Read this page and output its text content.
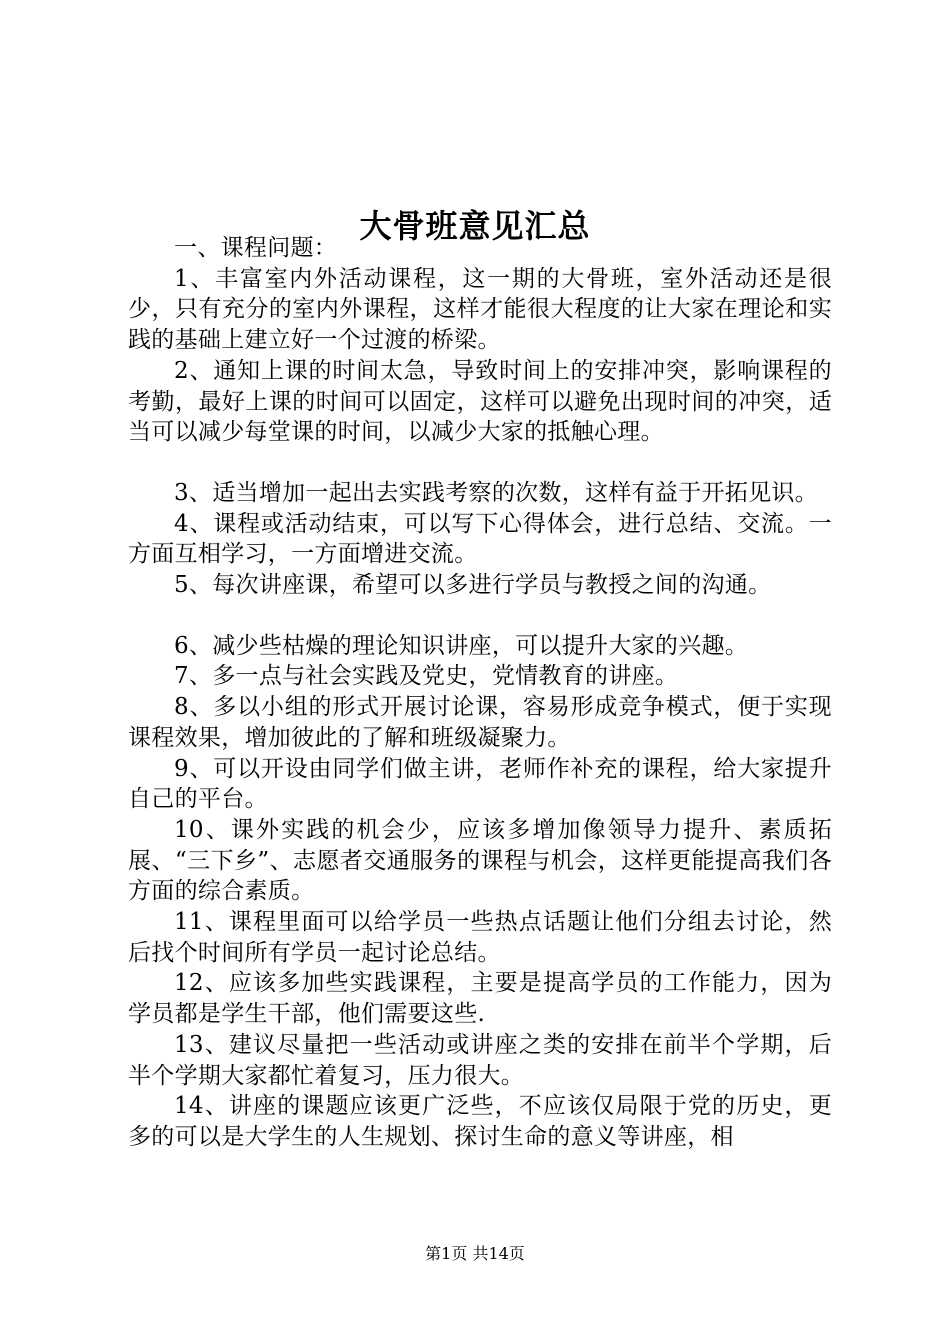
大骨班意见汇总

一、课程问题：

1、丰富室内外活动课程，这一期的大骨班，室外活动还是很少，只有充分的室内外课程，这样才能很大程度的让大家在理论和实践的基础上建立好一个过渡的桥梁。

2、通知上课的时间太急，导致时间上的安排冲突，影响课程的考勤，最好上课的时间可以固定，这样可以避免出现时间的冲突，适当可以减少每堂课的时间，以减少大家的抵触心理。

3、适当增加一起出去实践考察的次数，这样有益于开拓见识。

4、课程或活动结束，可以写下心得体会，进行总结、交流。一方面互相学习，一方面增进交流。

5、每次讲座课，希望可以多进行学员与教授之间的沟通。

6、减少些枯燥的理论知识讲座，可以提升大家的兴趣。

7、多一点与社会实践及党史，党情教育的讲座。

8、多以小组的形式开展讨论课，容易形成竞争模式，便于实现课程效果，增加彼此的了解和班级凝聚力。

9、可以开设由同学们做主讲，老师作补充的课程，给大家提升自己的平台。

10、课外实践的机会少，应该多增加像领导力提升、素质拓展、“三下乡”、志愿者交通服务的课程与机会，这样更能提高我们各方面的综合素质。

11、课程里面可以给学员一些热点话题让他们分组去讨论，然后找个时间所有学员一起讨论总结。

12、应该多加些实践课程，主要是提高学员的工作能力，因为学员都是学生干部，他们需要这些.

13、建议尽量把一些活动或讲座之类的安排在前半个学期，后半个学期大家都忙着复习，压力很大。

14、讲座的课题应该更广泛些，不应该仅局限于党的历史，更多的可以是大学生的人生规划、探讨生命的意义等讲座，相

第1页 共14页
